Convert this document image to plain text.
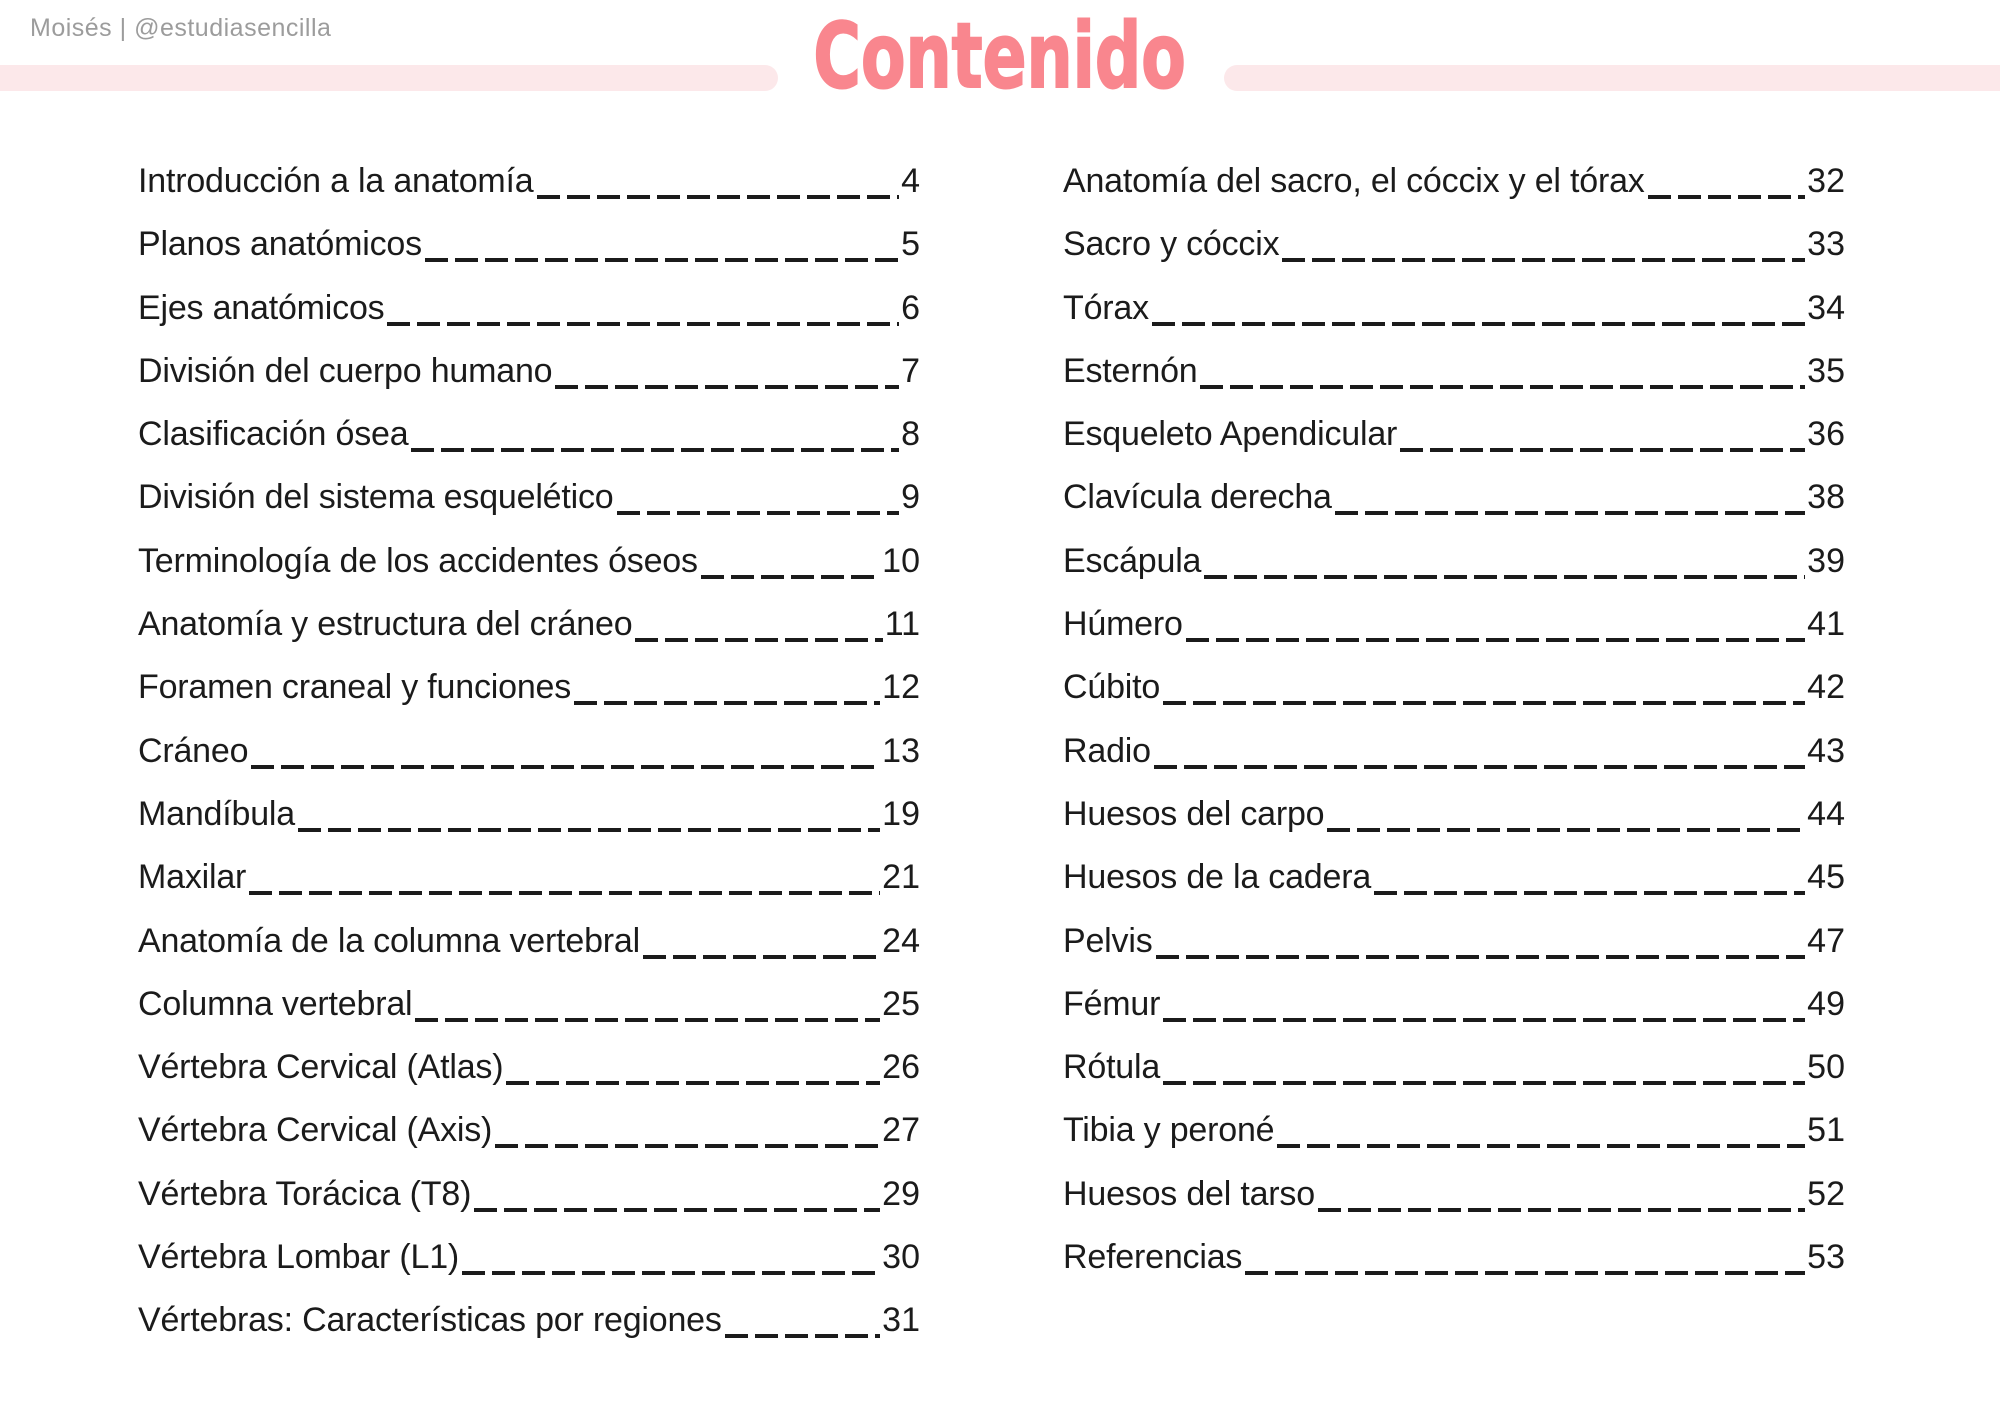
Moisés | @estudiasencilla	Contenido
Introducción a la anatomía	4
Planos anatómicos	5
Ejes anatómicos	6
División del cuerpo humano	7
Clasificación ósea	8
División del sistema esquelético	9
Terminología de los accidentes óseos	10
Anatomía y estructura del cráneo	11
Foramen craneal y funciones	12
Cráneo	13
Mandíbula	19
Maxilar	21
Anatomía de la columna vertebral	24
Columna vertebral	25
Vértebra Cervical (Atlas)	26
Vértebra Cervical (Axis)	27
Vértebra Torácica (T8)	29
Vértebra Lombar (L1)	30
Vértebras: Características por regiones	31
Anatomía del sacro, el cóccix y el tórax	32
Sacro y cóccix	33
Tórax	34
Esternón	35
Esqueleto Apendicular	36
Clavícula derecha	38
Escápula	39
Húmero	41
Cúbito	42
Radio	43
Huesos del carpo	44
Huesos de la cadera	45
Pelvis	47
Fémur	49
Rótula	50
Tibia y peroné	51
Huesos del tarso	52
Referencias	53
